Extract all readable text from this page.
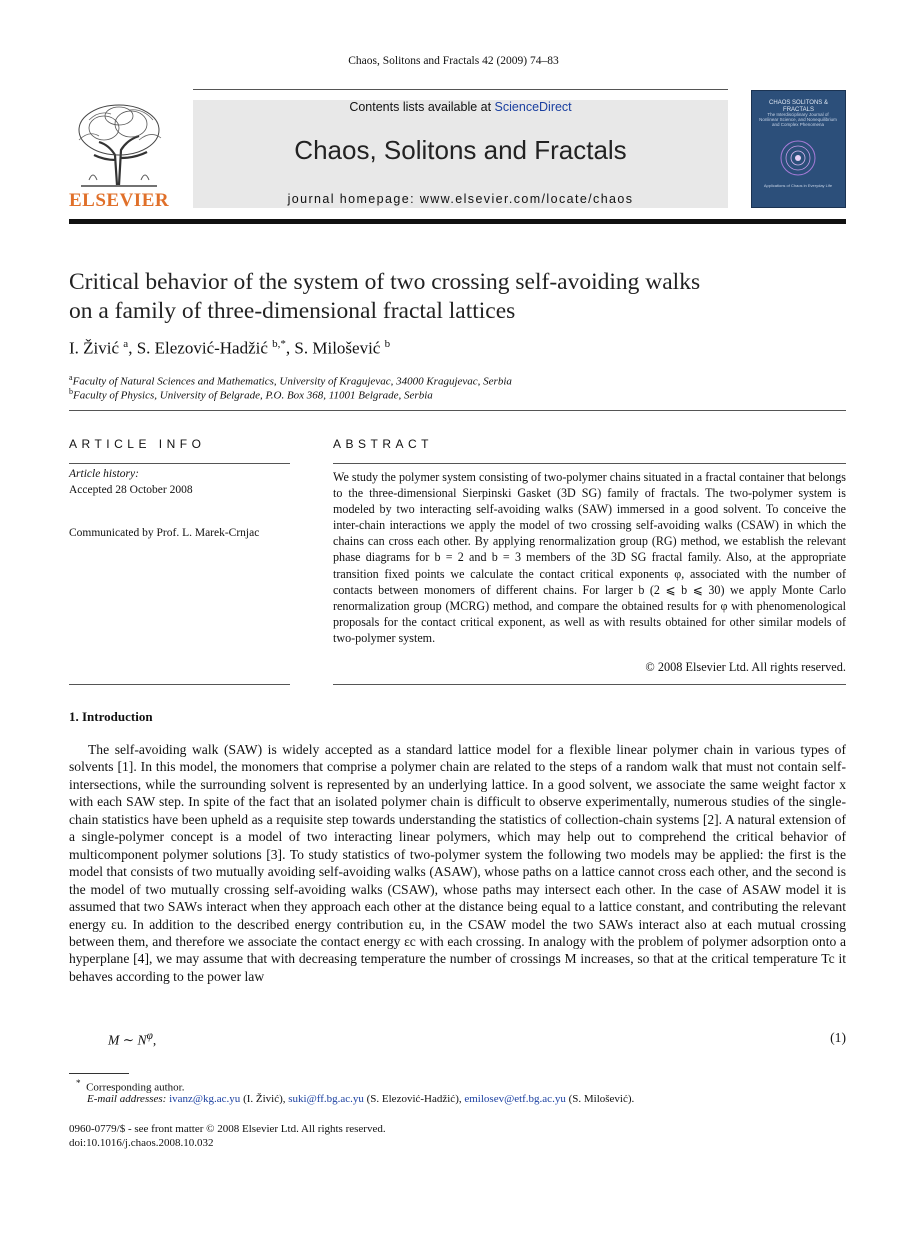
Chaos, Solitons and Fractals 42 (2009) 74–83
ELSEVIER
Contents lists available at ScienceDirect
Chaos, Solitons and Fractals
journal homepage: www.elsevier.com/locate/chaos
CHAOS SOLITONS & FRACTALS
The Interdisciplinary Journal of Nonlinear Science, and Nonequilibrium and Complex Phenomena
Applications of Chaos in Everyday Life
Critical behavior of the system of two crossing self-avoiding walks
on a family of three-dimensional fractal lattices
I. Živić $^a$, S. Elezović-Hadžić $^{b,*}$, S. Milošević $^b$
$^a$Faculty of Natural Sciences and Mathematics, University of Kragujevac, 34000 Kragujevac, Serbia
$^b$Faculty of Physics, University of Belgrade, P.O. Box 368, 11001 Belgrade, Serbia
ARTICLE INFO	ABSTRACT
Article history:
Accepted 28 October 2008
Communicated by Prof. L. Marek-Crnjac
We study the polymer system consisting of two-polymer chains situated in a fractal container that belongs to the three-dimensional Sierpinski Gasket (3D SG) family of fractals. The two-polymer system is modeled by two interacting self-avoiding walks (SAW) immersed in a good solvent. To conceive the inter-chain interactions we apply the model of two crossing self-avoiding walks (CSAW) in which the chains can cross each other. By applying renormalization group (RG) method, we establish the relevant phase diagrams for b = 2 and b = 3 members of the 3D SG fractal family. Also, at the appropriate transition fixed points we calculate the contact critical exponents φ, associated with the number of contacts between monomers of different chains. For larger b (2 ⩽ b ⩽ 30) we apply Monte Carlo renormalization group (MCRG) method, and compare the obtained results for φ with phenomenological proposals for the contact critical exponent, as well as with results obtained for other similar models of two-polymer system.
© 2008 Elsevier Ltd. All rights reserved.
1. Introduction
The self-avoiding walk (SAW) is widely accepted as a standard lattice model for a flexible linear polymer chain in various types of solvents [1]. In this model, the monomers that comprise a polymer chain are related to the steps of a random walk that must not contain self-intersections, while the surrounding solvent is represented by an underlying lattice. In a good solvent, we associate the same weight factor x with each SAW step. In spite of the fact that an isolated polymer chain is difficult to observe experimentally, numerous studies of the single-chain statistics have been upheld as a requisite step towards understanding the statistics of collection-chain systems [2]. A natural extension of a single-polymer concept is a model of two interacting linear polymers, which may help out to comprehend the critical behavior of multicomponent polymer solutions [3]. To study statistics of two-polymer system the following two models may be applied: the first is the model that consists of two mutually avoiding self-avoiding walks (ASAW), whose paths on a lattice cannot cross each other, and the second is the model of two mutually crossing self-avoiding walks (CSAW), whose paths may intersect each other. In the case of ASAW model it is assumed that two SAWs interact when they approach each other at the distance being equal to a lattice constant, and contributing the relevant energy εu. In addition to the described energy contribution εu, in the CSAW model the two SAWs interact also at each mutual crossing between them, and therefore we associate the contact energy εc with each crossing. In analogy with the problem of polymer adsorption onto a hyperplane [4], we may assume that with decreasing temperature the number of crossings M increases, so that at the critical temperature Tc it behaves according to the power law
M ∼ $N^\varphi$,	(1)
* Corresponding author.
E-mail addresses: ivanz@kg.ac.yu (I. Živić), suki@ff.bg.ac.yu (S. Elezović-Hadžić), emilosev@etf.bg.ac.yu (S. Milošević).
0960-0779/$ - see front matter © 2008 Elsevier Ltd. All rights reserved.
doi:10.1016/j.chaos.2008.10.032
